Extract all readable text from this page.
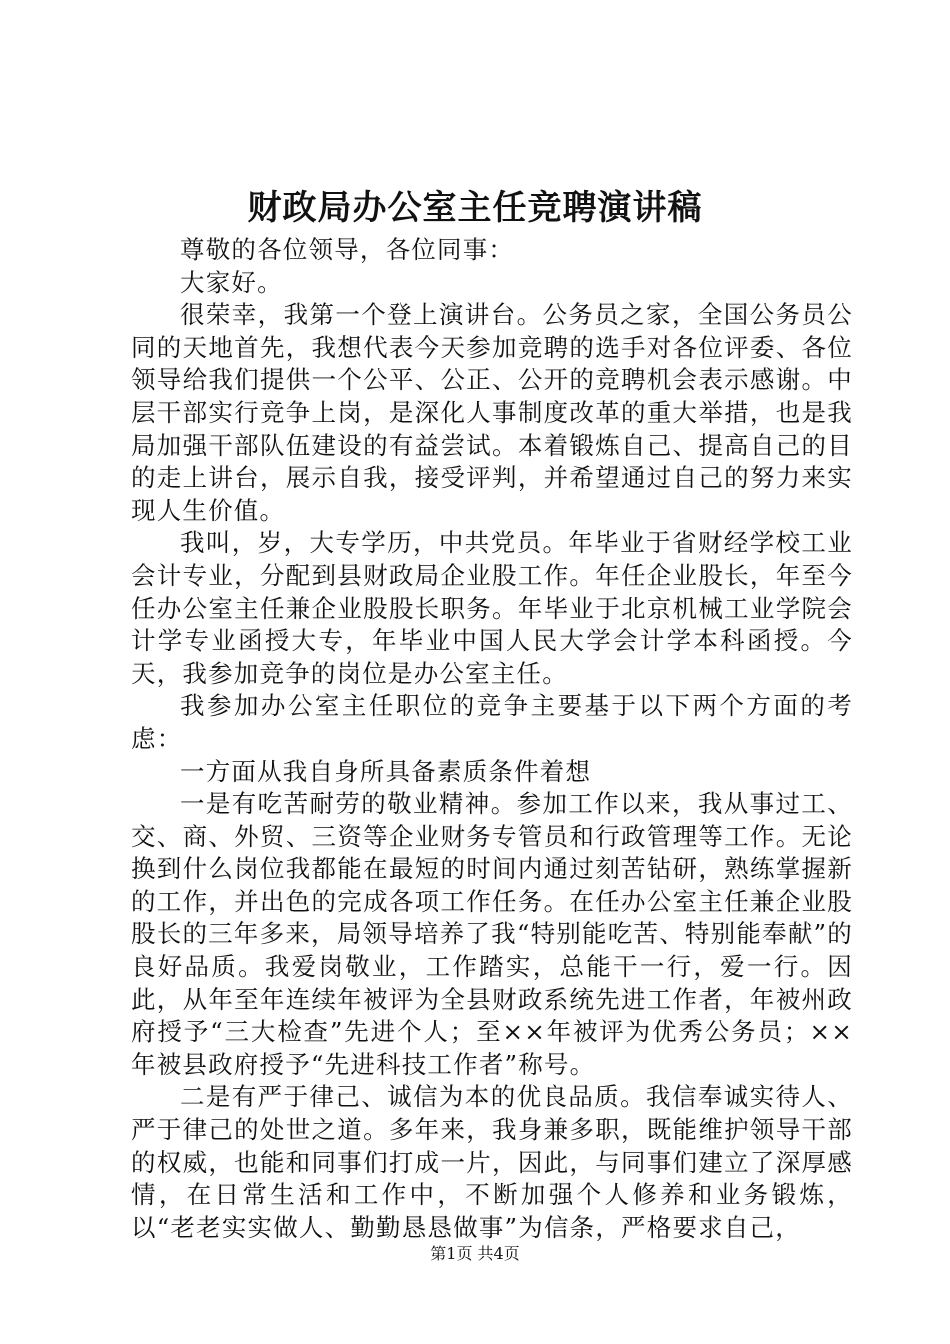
财政局办公室主任竞聘演讲稿

尊敬的各位领导，各位同事：

大家好。

很荣幸，我第一个登上演讲台。公务员之家，全国公务员公同的天地首先，我想代表今天参加竞聘的选手对各位评委、各位领导给我们提供一个公平、公正、公开的竞聘机会表示感谢。中层干部实行竞争上岗，是深化人事制度改革的重大举措，也是我局加强干部队伍建设的有益尝试。本着锻炼自己、提高自己的目的走上讲台，展示自我，接受评判，并希望通过自己的努力来实现人生价值。

我叫，岁，大专学历，中共党员。年毕业于省财经学校工业会计专业，分配到县财政局企业股工作。年任企业股长，年至今任办公室主任兼企业股股长职务。年毕业于北京机械工业学院会计学专业函授大专，年毕业中国人民大学会计学本科函授。今天，我参加竞争的岗位是办公室主任。

我参加办公室主任职位的竞争主要基于以下两个方面的考虑：

一方面从我自身所具备素质条件着想

一是有吃苦耐劳的敬业精神。参加工作以来，我从事过工、交、商、外贸、三资等企业财务专管员和行政管理等工作。无论换到什么岗位我都能在最短的时间内通过刻苦钻研，熟练掌握新的工作，并出色的完成各项工作任务。在任办公室主任兼企业股股长的三年多来，局领导培养了我“特别能吃苦、特别能奉献”的良好品质。我爱岗敬业，工作踏实，总能干一行，爱一行。因此，从年至年连续年被评为全县财政系统先进工作者，年被州政府授予“三大检查”先进个人；至××年被评为优秀公务员；××年被县政府授予“先进科技工作者”称号。

二是有严于律己、诚信为本的优良品质。我信奉诚实待人、严于律己的处世之道。多年来，我身兼多职，既能维护领导干部的权威，也能和同事们打成一片，因此，与同事们建立了深厚感情，在日常生活和工作中，不断加强个人修养和业务锻炼，以“老老实实做人、勤勤恳恳做事”为信条，严格要求自己，

第1页 共4页
